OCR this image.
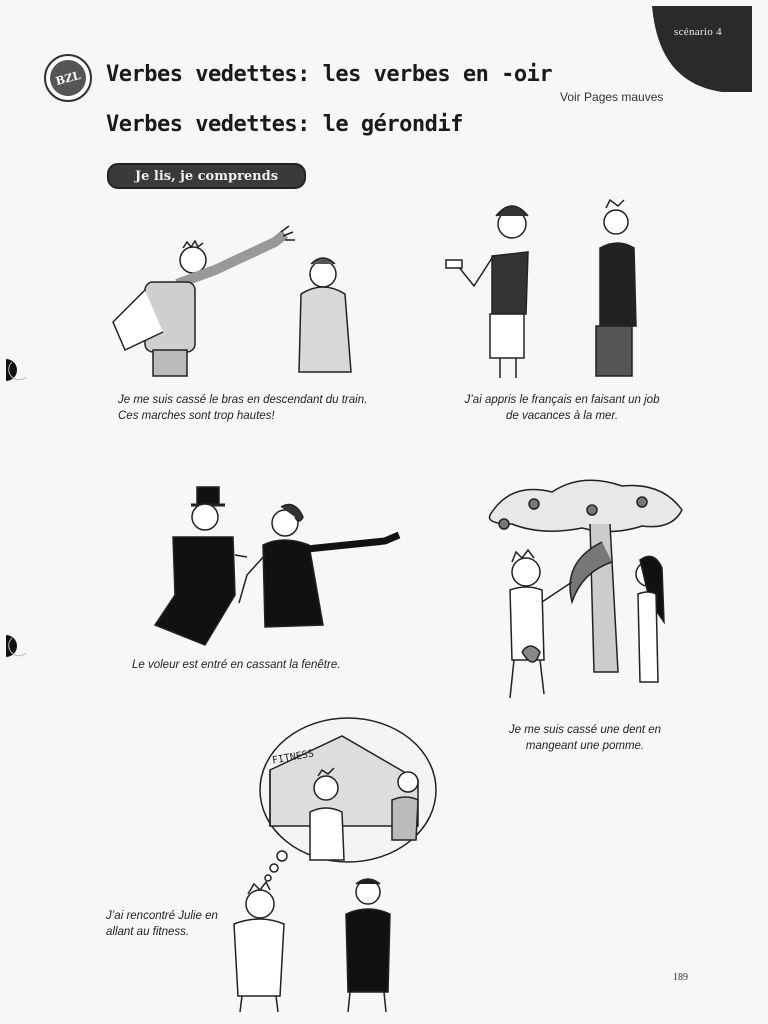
scénario 4
BZL	Verbes vedettes: les verbes en -oir
Voir Pages mauves
Verbes vedettes: le gérondif
Je lis, je comprends
Je me suis cassé le bras en descendant du train. Ces marches sont trop hautes!
J’ai appris le français en faisant un job de vacances à la mer.
Le voleur est entré en cassant la fenêtre.
Je me suis cassé une dent en mangeant une pomme.
FITNESS
J’ai rencontré Julie en allant au fitness.
189
